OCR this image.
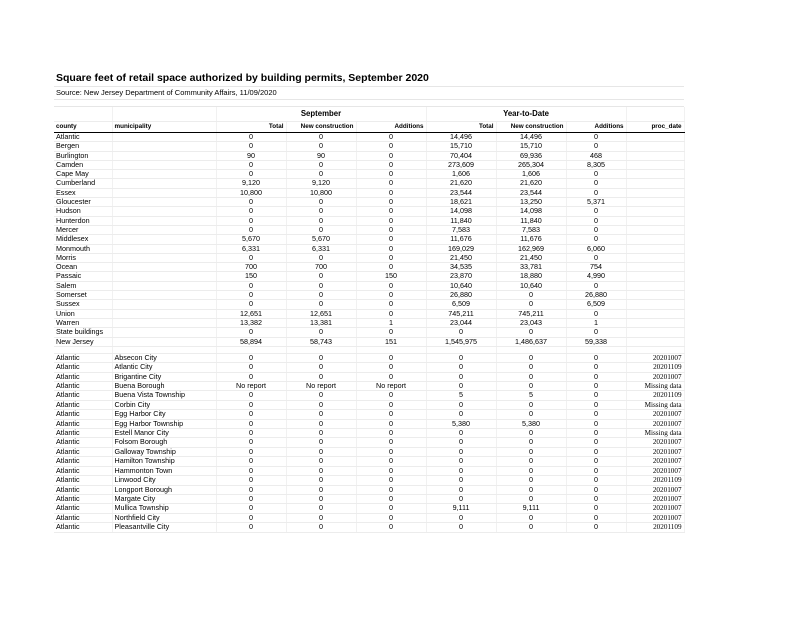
Square feet of retail space authorized by building permits, September 2020
Source: New Jersey Department of Community Affairs, 11/09/2020
		September			Year-to-Date			
county	municipality	Total	New construction	Additions	Total	New construction	Additions	proc_date
Atlantic		0	0	0	14,496	14,496	0	
Bergen		0	0	0	15,710	15,710	0	
Burlington		90	90	0	70,404	69,936	468	
Camden		0	0	0	273,609	265,304	8,305	
Cape May		0	0	0	1,606	1,606	0	
Cumberland		9,120	9,120	0	21,620	21,620	0	
Essex		10,800	10,800	0	23,544	23,544	0	
Gloucester		0	0	0	18,621	13,250	5,371	
Hudson		0	0	0	14,098	14,098	0	
Hunterdon		0	0	0	11,840	11,840	0	
Mercer		0	0	0	7,583	7,583	0	
Middlesex		5,670	5,670	0	11,676	11,676	0	
Monmouth		6,331	6,331	0	169,029	162,969	6,060	
Morris		0	0	0	21,450	21,450	0	
Ocean		700	700	0	34,535	33,781	754	
Passaic		150	0	150	23,870	18,880	4,990	
Salem		0	0	0	10,640	10,640	0	
Somerset		0	0	0	26,880	0	26,880	
Sussex		0	0	0	6,509	0	6,509	
Union		12,651	12,651	0	745,211	745,211	0	
Warren		13,382	13,381	1	23,044	23,043	1	
State buildings		0	0	0	0	0	0	
New Jersey		58,894	58,743	151	1,545,975	1,486,637	59,338	

Atlantic	Absecon City	0	0	0	0	0	0	20201007
Atlantic	Atlantic City	0	0	0	0	0	0	20201109
Atlantic	Brigantine City	0	0	0	0	0	0	20201007
Atlantic	Buena Borough	No report	No report	No report	0	0	0	Missing data
Atlantic	Buena Vista Township	0	0	0	5	5	0	20201109
Atlantic	Corbin City	0	0	0	0	0	0	Missing data
Atlantic	Egg Harbor City	0	0	0	0	0	0	20201007
Atlantic	Egg Harbor Township	0	0	0	5,380	5,380	0	20201007
Atlantic	Estell Manor City	0	0	0	0	0	0	Missing data
Atlantic	Folsom Borough	0	0	0	0	0	0	20201007
Atlantic	Galloway Township	0	0	0	0	0	0	20201007
Atlantic	Hamilton Township	0	0	0	0	0	0	20201007
Atlantic	Hammonton Town	0	0	0	0	0	0	20201007
Atlantic	Linwood City	0	0	0	0	0	0	20201109
Atlantic	Longport Borough	0	0	0	0	0	0	20201007
Atlantic	Margate City	0	0	0	0	0	0	20201007
Atlantic	Mullica Township	0	0	0	9,111	9,111	0	20201007
Atlantic	Northfield City	0	0	0	0	0	0	20201007
Atlantic	Pleasantville City	0	0	0	0	0	0	20201109
